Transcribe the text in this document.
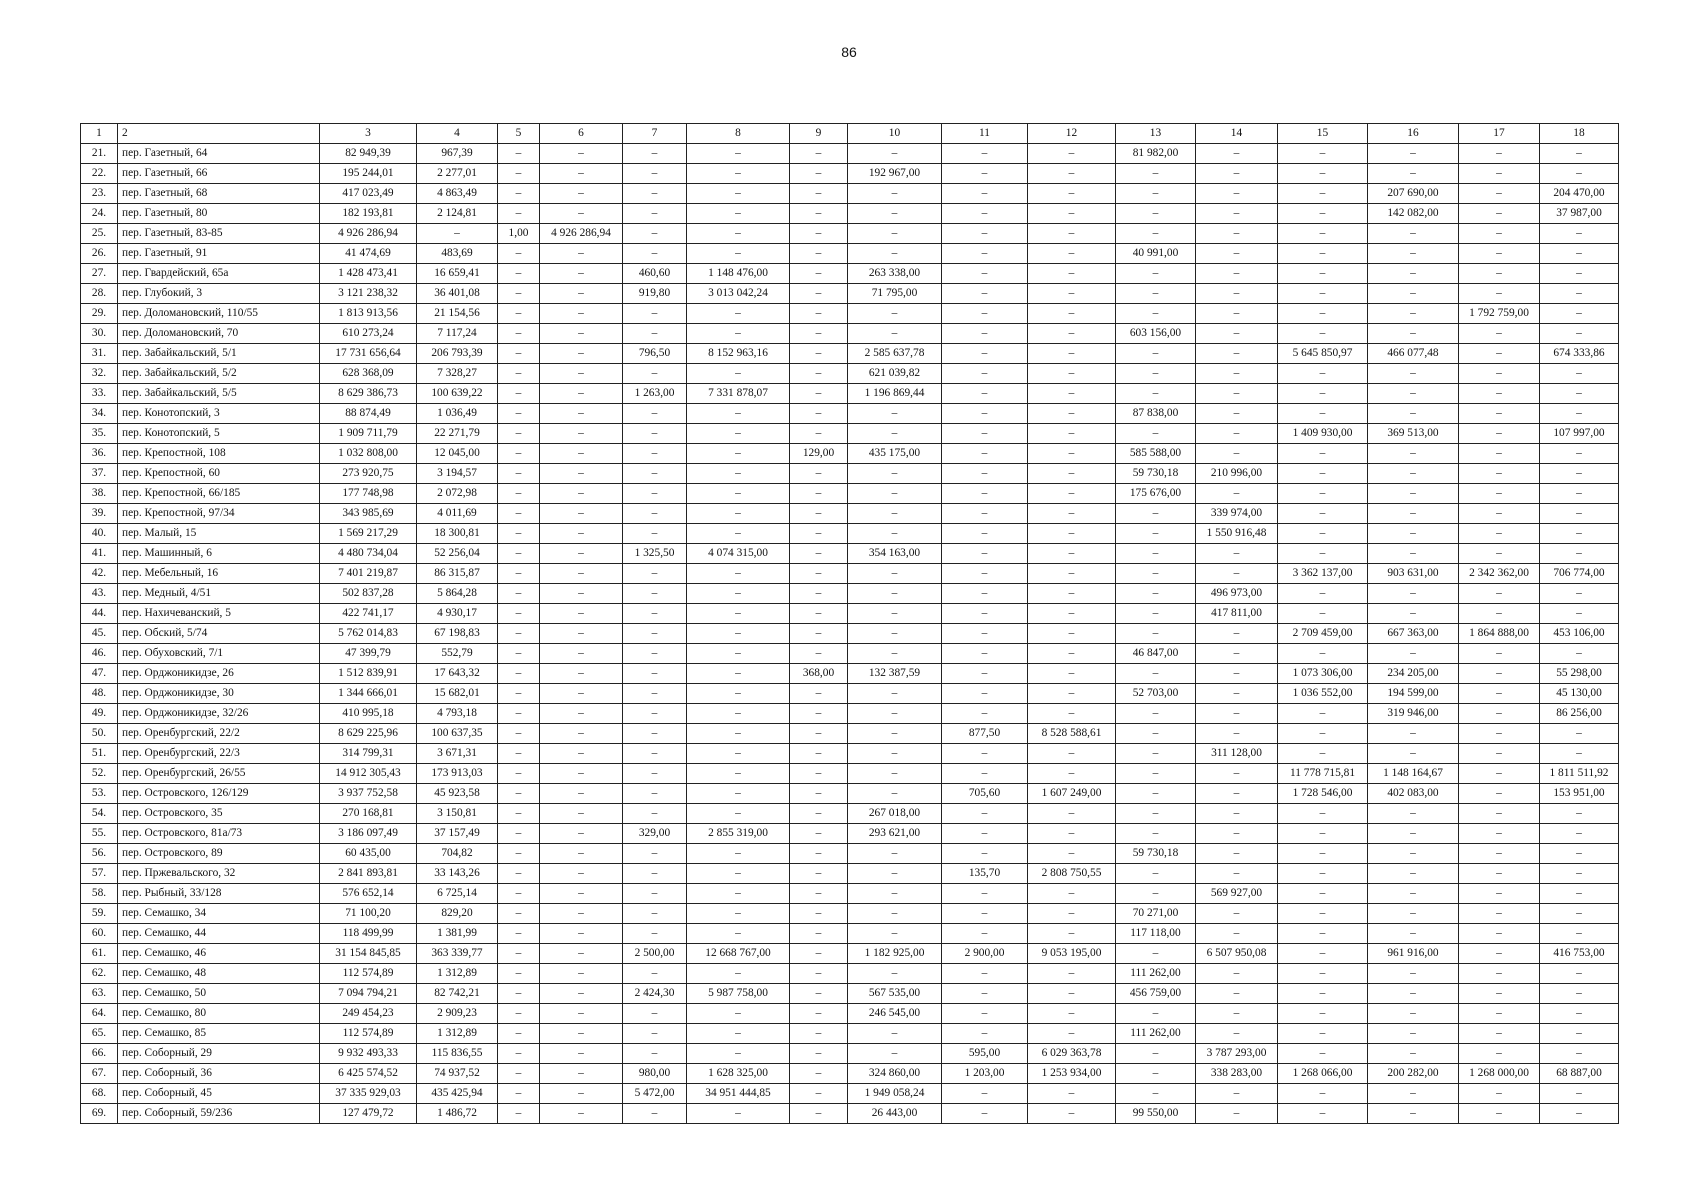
86
1	2	3	4	5	6	7	8	9	10	11	12	13	14	15	16	17	18
21.	пер. Газетный, 64	82 949,39	967,39	–	–	–	–	–	–	–	–	81 982,00	–	–	–	–	–
22.	пер. Газетный, 66	195 244,01	2 277,01	–	–	–	–	–	192 967,00	–	–	–	–	–	–	–	–
23.	пер. Газетный, 68	417 023,49	4 863,49	–	–	–	–	–	–	–	–	–	–	–	207 690,00	–	204 470,00
24.	пер. Газетный, 80	182 193,81	2 124,81	–	–	–	–	–	–	–	–	–	–	–	142 082,00	–	37 987,00
25.	пер. Газетный, 83-85	4 926 286,94	–	1,00	4 926 286,94	–	–	–	–	–	–	–	–	–	–	–	–
26.	пер. Газетный, 91	41 474,69	483,69	–	–	–	–	–	–	–	–	40 991,00	–	–	–	–	–
27.	пер. Гвардейский, 65а	1 428 473,41	16 659,41	–	–	460,60	1 148 476,00	–	263 338,00	–	–	–	–	–	–	–	–
28.	пер. Глубокий, 3	3 121 238,32	36 401,08	–	–	919,80	3 013 042,24	–	71 795,00	–	–	–	–	–	–	–	–
29.	пер. Доломановский, 110/55	1 813 913,56	21 154,56	–	–	–	–	–	–	–	–	–	–	–	–	1 792 759,00	–
30.	пер. Доломановский, 70	610 273,24	7 117,24	–	–	–	–	–	–	–	–	603 156,00	–	–	–	–	–
31.	пер. Забайкальский, 5/1	17 731 656,64	206 793,39	–	–	796,50	8 152 963,16	–	2 585 637,78	–	–	–	–	5 645 850,97	466 077,48	–	674 333,86
32.	пер. Забайкальский, 5/2	628 368,09	7 328,27	–	–	–	–	–	621 039,82	–	–	–	–	–	–	–	–
33.	пер. Забайкальский, 5/5	8 629 386,73	100 639,22	–	–	1 263,00	7 331 878,07	–	1 196 869,44	–	–	–	–	–	–	–	–
34.	пер. Конотопский, 3	88 874,49	1 036,49	–	–	–	–	–	–	–	–	87 838,00	–	–	–	–	–
35.	пер. Конотопский, 5	1 909 711,79	22 271,79	–	–	–	–	–	–	–	–	–	–	1 409 930,00	369 513,00	–	107 997,00
36.	пер. Крепостной, 108	1 032 808,00	12 045,00	–	–	–	–	129,00	435 175,00	–	–	585 588,00	–	–	–	–	–
37.	пер. Крепостной, 60	273 920,75	3 194,57	–	–	–	–	–	–	–	–	59 730,18	210 996,00	–	–	–	–
38.	пер. Крепостной, 66/185	177 748,98	2 072,98	–	–	–	–	–	–	–	–	175 676,00	–	–	–	–	–
39.	пер. Крепостной, 97/34	343 985,69	4 011,69	–	–	–	–	–	–	–	–	–	339 974,00	–	–	–	–
40.	пер. Малый, 15	1 569 217,29	18 300,81	–	–	–	–	–	–	–	–	–	1 550 916,48	–	–	–	–
41.	пер. Машинный, 6	4 480 734,04	52 256,04	–	–	1 325,50	4 074 315,00	–	354 163,00	–	–	–	–	–	–	–	–
42.	пер. Мебельный, 16	7 401 219,87	86 315,87	–	–	–	–	–	–	–	–	–	–	3 362 137,00	903 631,00	2 342 362,00	706 774,00
43.	пер. Медный, 4/51	502 837,28	5 864,28	–	–	–	–	–	–	–	–	–	496 973,00	–	–	–	–
44.	пер. Нахичеванский, 5	422 741,17	4 930,17	–	–	–	–	–	–	–	–	–	417 811,00	–	–	–	–
45.	пер. Обский, 5/74	5 762 014,83	67 198,83	–	–	–	–	–	–	–	–	–	–	2 709 459,00	667 363,00	1 864 888,00	453 106,00
46.	пер. Обуховский, 7/1	47 399,79	552,79	–	–	–	–	–	–	–	–	46 847,00	–	–	–	–	–
47.	пер. Орджоникидзе, 26	1 512 839,91	17 643,32	–	–	–	–	368,00	132 387,59	–	–	–	–	1 073 306,00	234 205,00	–	55 298,00
48.	пер. Орджоникидзе, 30	1 344 666,01	15 682,01	–	–	–	–	–	–	–	–	52 703,00	–	1 036 552,00	194 599,00	–	45 130,00
49.	пер. Орджоникидзе, 32/26	410 995,18	4 793,18	–	–	–	–	–	–	–	–	–	–	–	319 946,00	–	86 256,00
50.	пер. Оренбургский, 22/2	8 629 225,96	100 637,35	–	–	–	–	–	–	877,50	8 528 588,61	–	–	–	–	–	–
51.	пер. Оренбургский, 22/3	314 799,31	3 671,31	–	–	–	–	–	–	–	–	–	311 128,00	–	–	–	–
52.	пер. Оренбургский, 26/55	14 912 305,43	173 913,03	–	–	–	–	–	–	–	–	–	–	11 778 715,81	1 148 164,67	–	1 811 511,92
53.	пер. Островского, 126/129	3 937 752,58	45 923,58	–	–	–	–	–	–	705,60	1 607 249,00	–	–	1 728 546,00	402 083,00	–	153 951,00
54.	пер. Островского, 35	270 168,81	3 150,81	–	–	–	–	–	267 018,00	–	–	–	–	–	–	–	–
55.	пер. Островского, 81а/73	3 186 097,49	37 157,49	–	–	329,00	2 855 319,00	–	293 621,00	–	–	–	–	–	–	–	–
56.	пер. Островского, 89	60 435,00	704,82	–	–	–	–	–	–	–	–	59 730,18	–	–	–	–	–
57.	пер. Пржевальского, 32	2 841 893,81	33 143,26	–	–	–	–	–	–	135,70	2 808 750,55	–	–	–	–	–	–
58.	пер. Рыбный, 33/128	576 652,14	6 725,14	–	–	–	–	–	–	–	–	–	569 927,00	–	–	–	–
59.	пер. Семашко, 34	71 100,20	829,20	–	–	–	–	–	–	–	–	70 271,00	–	–	–	–	–
60.	пер. Семашко, 44	118 499,99	1 381,99	–	–	–	–	–	–	–	–	117 118,00	–	–	–	–	–
61.	пер. Семашко, 46	31 154 845,85	363 339,77	–	–	2 500,00	12 668 767,00	–	1 182 925,00	2 900,00	9 053 195,00	–	6 507 950,08	–	961 916,00	–	416 753,00
62.	пер. Семашко, 48	112 574,89	1 312,89	–	–	–	–	–	–	–	–	111 262,00	–	–	–	–	–
63.	пер. Семашко, 50	7 094 794,21	82 742,21	–	–	2 424,30	5 987 758,00	–	567 535,00	–	–	456 759,00	–	–	–	–	–
64.	пер. Семашко, 80	249 454,23	2 909,23	–	–	–	–	–	246 545,00	–	–	–	–	–	–	–	–
65.	пер. Семашко, 85	112 574,89	1 312,89	–	–	–	–	–	–	–	–	111 262,00	–	–	–	–	–
66.	пер. Соборный, 29	9 932 493,33	115 836,55	–	–	–	–	–	–	595,00	6 029 363,78	–	3 787 293,00	–	–	–	–
67.	пер. Соборный, 36	6 425 574,52	74 937,52	–	–	980,00	1 628 325,00	–	324 860,00	1 203,00	1 253 934,00	–	338 283,00	1 268 066,00	200 282,00	1 268 000,00	68 887,00
68.	пер. Соборный, 45	37 335 929,03	435 425,94	–	–	5 472,00	34 951 444,85	–	1 949 058,24	–	–	–	–	–	–	–	–
69.	пер. Соборный, 59/236	127 479,72	1 486,72	–	–	–	–	–	26 443,00	–	–	99 550,00	–	–	–	–	–
